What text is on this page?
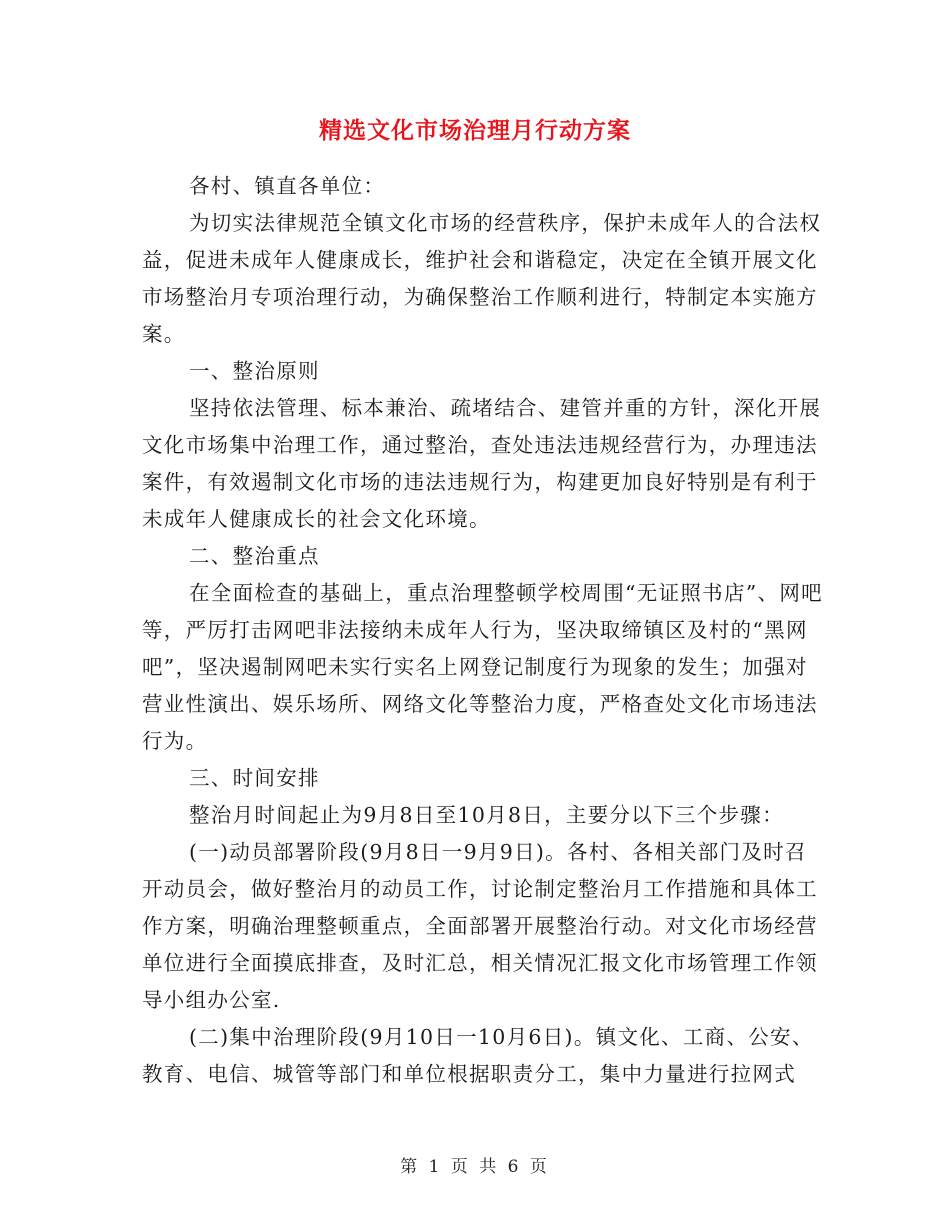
精选文化市场治理月行动方案

各村、镇直各单位：

为切实法律规范全镇文化市场的经营秩序，保护未成年人的合法权益，促进未成年人健康成长，维护社会和谐稳定，决定在全镇开展文化市场整治月专项治理行动，为确保整治工作顺利进行，特制定本实施方案。

一、整治原则

坚持依法管理、标本兼治、疏堵结合、建管并重的方针，深化开展文化市场集中治理工作，通过整治，查处违法违规经营行为，办理违法案件，有效遏制文化市场的违法违规行为，构建更加良好特别是有利于未成年人健康成长的社会文化环境。

二、整治重点

在全面检查的基础上，重点治理整顿学校周围“无证照书店”、网吧等，严厉打击网吧非法接纳未成年人行为，坚决取缔镇区及村的“黑网吧”，坚决遏制网吧未实行实名上网登记制度行为现象的发生；加强对营业性演出、娱乐场所、网络文化等整治力度，严格查处文化市场违法行为。

三、时间安排

整治月时间起止为9月8日至10月8日，主要分以下三个步骤：

(一)动员部署阶段(9月8日一9月9日)。各村、各相关部门及时召开动员会，做好整治月的动员工作，讨论制定整治月工作措施和具体工作方案，明确治理整顿重点，全面部署开展整治行动。对文化市场经营单位进行全面摸底排查，及时汇总，相关情况汇报文化市场管理工作领导小组办公室.

(二)集中治理阶段(9月10日一10月6日)。镇文化、工商、公安、教育、电信、城管等部门和单位根据职责分工，集中力量进行拉网式

第 1 页 共 6 页
